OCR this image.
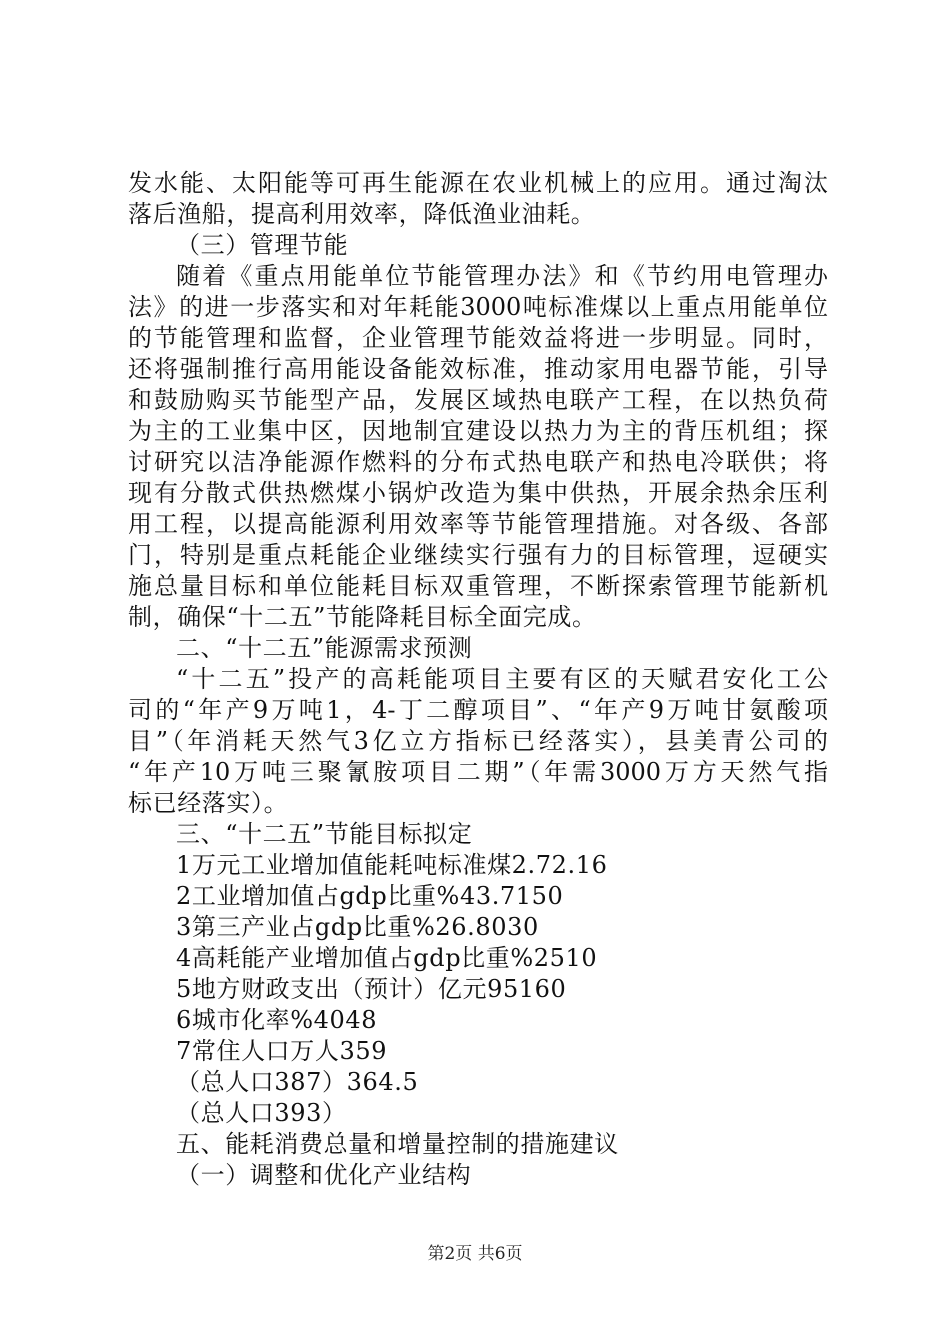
发水能、太阳能等可再生能源在农业机械上的应用。通过淘汰
落后渔船，提高利用效率，降低渔业油耗。
（三）管理节能
随着《重点用能单位节能管理办法》和《节约用电管理办
法》的进一步落实和对年耗能3000吨标准煤以上重点用能单位
的节能管理和监督，企业管理节能效益将进一步明显。同时，
还将强制推行高用能设备能效标准，推动家用电器节能，引导
和鼓励购买节能型产品，发展区域热电联产工程，在以热负荷
为主的工业集中区，因地制宜建设以热力为主的背压机组；探
讨研究以洁净能源作燃料的分布式热电联产和热电冷联供；将
现有分散式供热燃煤小锅炉改造为集中供热，开展余热余压利
用工程，以提高能源利用效率等节能管理措施。对各级、各部
门，特别是重点耗能企业继续实行强有力的目标管理，逗硬实
施总量目标和单位能耗目标双重管理，不断探索管理节能新机
制，确保“十二五”节能降耗目标全面完成。
二、“十二五”能源需求预测
“十二五”投产的高耗能项目主要有区的天赋君安化工公
司的“年产9万吨1，4-丁二醇项目”、“年产9万吨甘氨酸项
目”（年消耗天然气3亿立方指标已经落实），县美青公司的
“年产10万吨三聚氰胺项目二期”（年需3000万方天然气指
标已经落实）。
三、“十二五”节能目标拟定
1万元工业增加值能耗吨标准煤2.72.16
2工业增加值占gdp比重%43.7150
3第三产业占gdp比重%26.8030
4高耗能产业增加值占gdp比重%2510
5地方财政支出（预计）亿元95160
6城市化率%4048
7常住人口万人359
（总人口387）364.5
（总人口393）
五、能耗消费总量和增量控制的措施建议
（一）调整和优化产业结构
第2页 共6页
